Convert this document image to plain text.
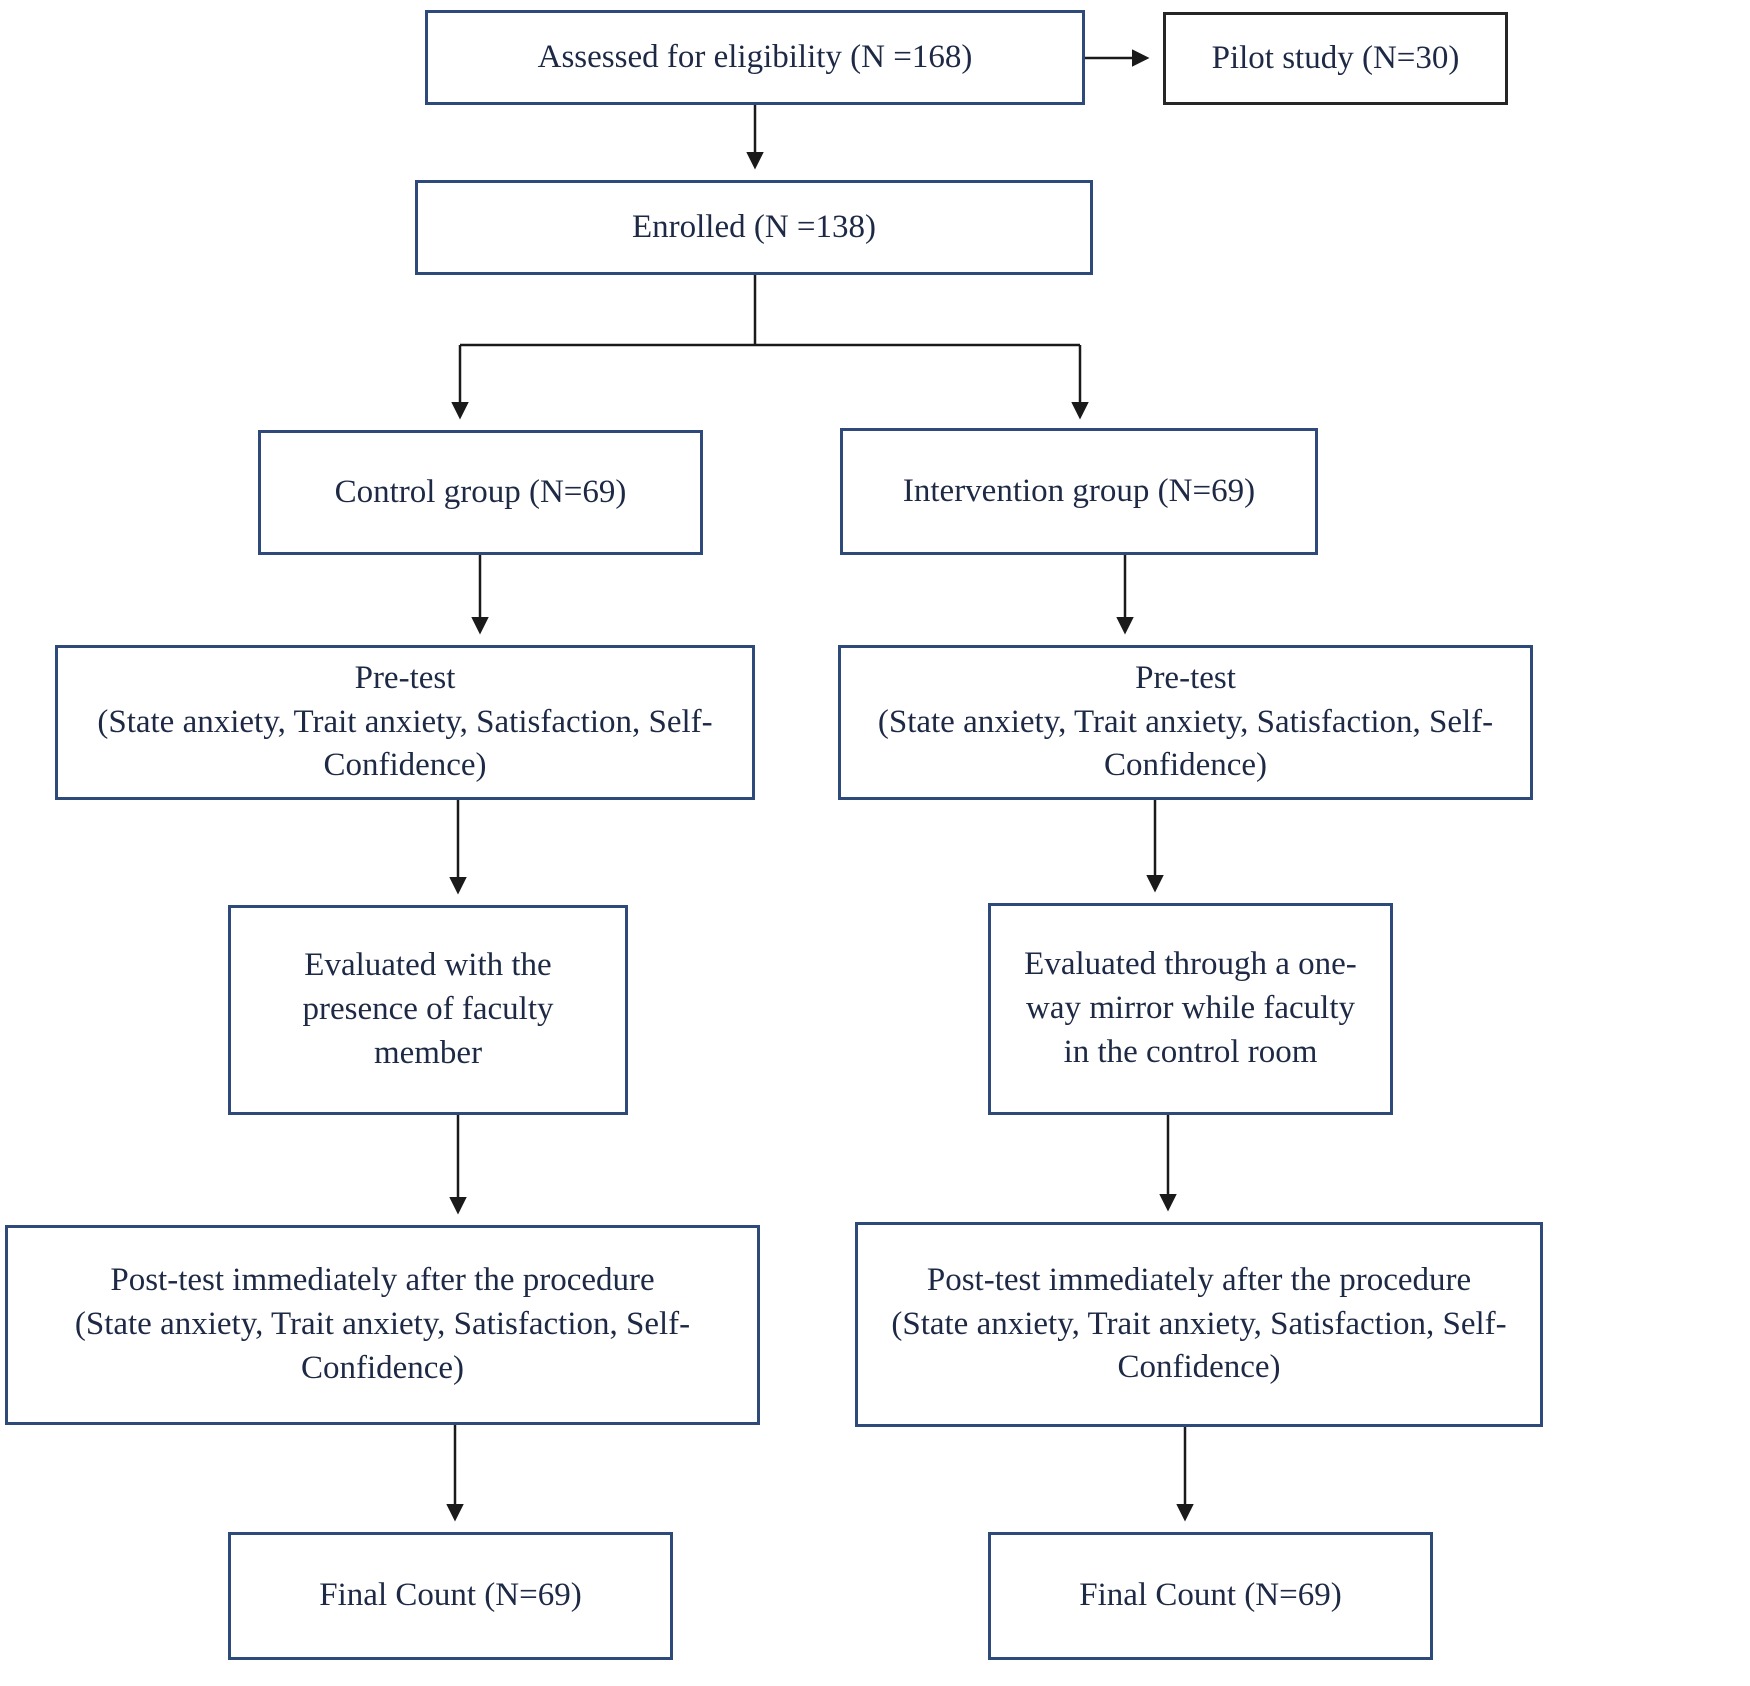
Assessed for eligibility (N =168)	Pilot study (N=30)
Enrolled (N =138)
Control group (N=69)	Intervention group (N=69)
Pre-test
(State anxiety, Trait anxiety, Satisfaction, Self-Confidence)
Pre-test
(State anxiety, Trait anxiety, Satisfaction, Self-Confidence)
Evaluated with the presence of faculty member
Evaluated through a one-way mirror while faculty in the control room
Post-test immediately after the procedure
(State anxiety, Trait anxiety, Satisfaction, Self-Confidence)
Post-test immediately after the procedure
(State anxiety, Trait anxiety, Satisfaction, Self-Confidence)
Final Count (N=69)	Final Count (N=69)
